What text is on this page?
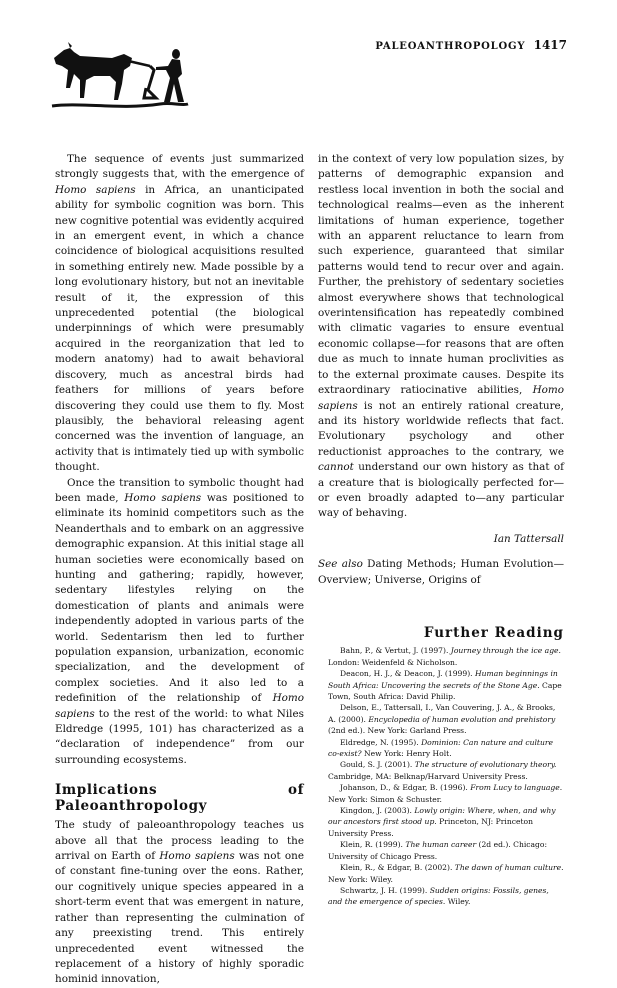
PALEOANTHROPOLOGY 1417

The sequence of events just summarized strongly suggests that, with the emergence of Homo sapiens in Africa, an unanticipated ability for symbolic cognition was born. This new cognitive potential was evidently acquired in an emergent event, in which a chance coincidence of biological acquisitions resulted in something entirely new. Made possible by a long evolutionary history, but not an inevitable result of it, the expression of this unprecedented potential (the biological underpinnings of which were presumably acquired in the reorganization that led to modern anatomy) had to await behavioral discovery, much as ancestral birds had feathers for millions of years before discovering they could use them to fly. Most plausibly, the behavioral releasing agent concerned was the invention of language, an activity that is intimately tied up with symbolic thought.

Once the transition to symbolic thought had been made, Homo sapiens was positioned to eliminate its hominid competitors such as the Neanderthals and to embark on an aggressive demographic expansion. At this initial stage all human societies were economically based on hunting and gathering; rapidly, however, sedentary lifestyles relying on the domestication of plants and animals were independently adopted in various parts of the world. Sedentarism then led to further population expansion, urbanization, economic specialization, and the development of complex societies. And it also led to a redefinition of the relationship of Homo sapiens to the rest of the world: to what Niles Eldredge (1995, 101) has characterized as a “declaration of independence” from our surrounding ecosystems.

Implications of Paleoanthropology

The study of paleoanthropology teaches us above all that the process leading to the arrival on Earth of Homo sapiens was not one of constant fine-tuning over the eons. Rather, our cognitively unique species appeared in a short-term event that was emergent in nature, rather than representing the culmination of any preexisting trend. This entirely unprecedented event witnessed the replacement of a history of highly sporadic hominid innovation,

in the context of very low population sizes, by patterns of demographic expansion and restless local invention in both the social and technological realms—even as the inherent limitations of human experience, together with an apparent reluctance to learn from such experience, guaranteed that similar patterns would tend to recur over and again. Further, the prehistory of sedentary societies almost everywhere shows that technological overintensification has repeatedly combined with climatic vagaries to ensure eventual economic collapse—for reasons that are often due as much to innate human proclivities as to the external proximate causes. Despite its extraordinary ratiocinative abilities, Homo sapiens is not an entirely rational creature, and its history worldwide reflects that fact. Evolutionary psychology and other reductionist approaches to the contrary, we cannot understand our own history as that of a creature that is biologically perfected for—or even broadly adapted to—any particular way of behaving.

Ian Tattersall

See also Dating Methods; Human Evolution—Overview; Universe, Origins of

Further Reading

Bahn, P., & Vertut, J. (1997). Journey through the ice age. London: Weidenfeld & Nicholson.

Deacon, H. J., & Deacon, J. (1999). Human beginnings in South Africa: Uncovering the secrets of the Stone Age. Cape Town, South Africa: David Philip.

Delson, E., Tattersall, I., Van Couvering, J. A., & Brooks, A. (2000). Encyclopedia of human evolution and prehistory (2nd ed.). New York: Garland Press.

Eldredge, N. (1995). Dominion: Can nature and culture co-exist? New York: Henry Holt.

Gould, S. J. (2001). The structure of evolutionary theory. Cambridge, MA: Belknap/Harvard University Press.

Johanson, D., & Edgar, B. (1996). From Lucy to language. New York: Simon & Schuster.

Kingdon, J. (2003). Lowly origin: Where, when, and why our ancestors first stood up. Princeton, NJ: Princeton University Press.

Klein, R. (1999). The human career (2d ed.). Chicago: University of Chicago Press.

Klein, R., & Edgar, B. (2002). The dawn of human culture. New York: Wiley.

Schwartz, J. H. (1999). Sudden origins: Fossils, genes, and the emergence of species. Wiley.
